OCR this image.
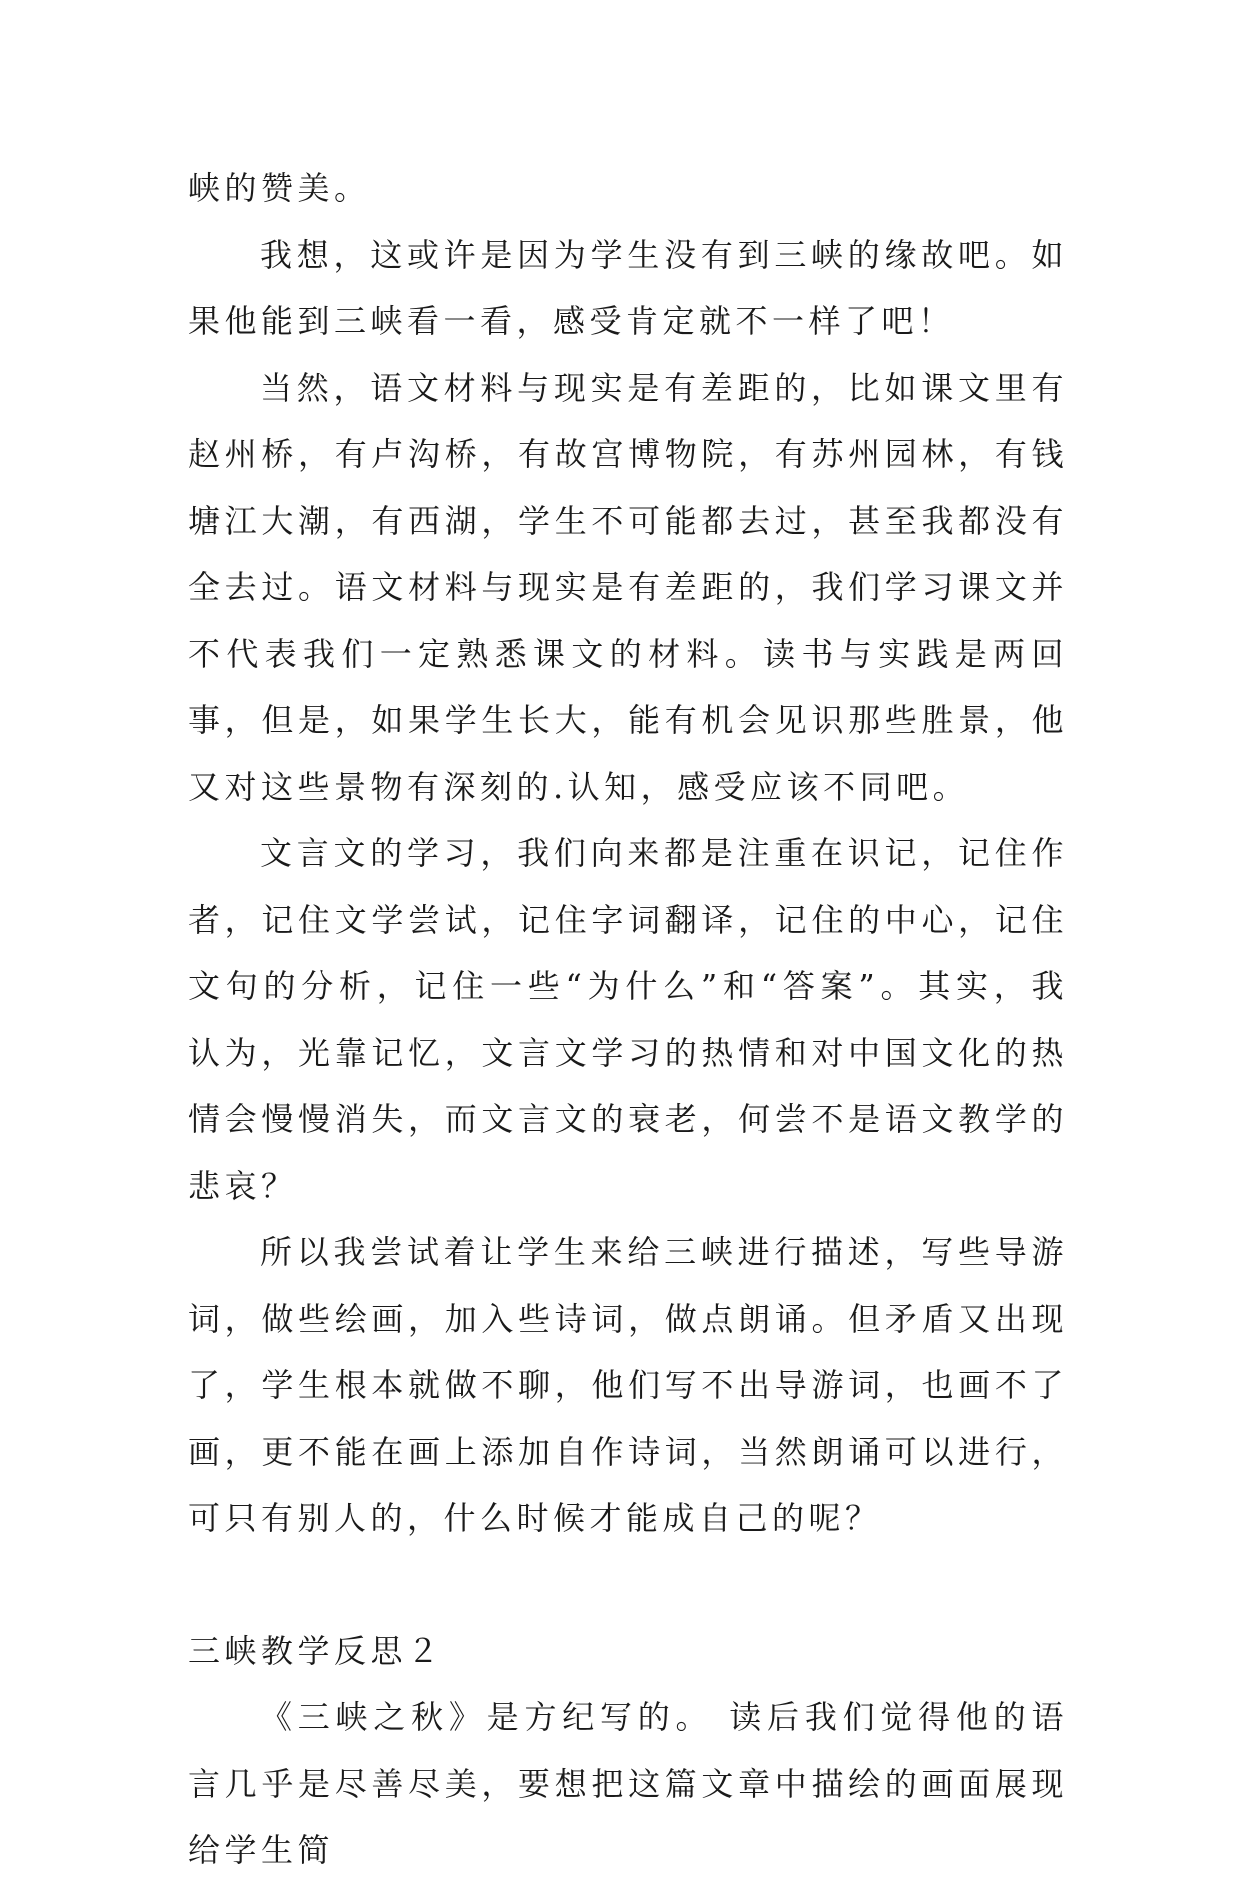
峡的赞美。

我想，这或许是因为学生没有到三峡的缘故吧。如果他能到三峡看一看，感受肯定就不一样了吧！

当然，语文材料与现实是有差距的，比如课文里有赵州桥，有卢沟桥，有故宫博物院，有苏州园林，有钱塘江大潮，有西湖，学生不可能都去过，甚至我都没有全去过。语文材料与现实是有差距的，我们学习课文并不代表我们一定熟悉课文的材料。读书与实践是两回事，但是，如果学生长大，能有机会见识那些胜景，他又对这些景物有深刻的.认知，感受应该不同吧。

文言文的学习，我们向来都是注重在识记，记住作者，记住文学尝试，记住字词翻译，记住的中心，记住文句的分析，记住一些“为什么”和“答案”。其实，我认为，光靠记忆，文言文学习的热情和对中国文化的热情会慢慢消失，而文言文的衰老，何尝不是语文教学的悲哀？

所以我尝试着让学生来给三峡进行描述，写些导游词，做些绘画，加入些诗词，做点朗诵。但矛盾又出现了，学生根本就做不聊，他们写不出导游词，也画不了画，更不能在画上添加自作诗词，当然朗诵可以进行，可只有别人的，什么时候才能成自己的呢？

三峡教学反思２

《三峡之秋》是方纪写的。 读后我们觉得他的语言几乎是尽善尽美，要想把这篇文章中描绘的画面展现给学生简
